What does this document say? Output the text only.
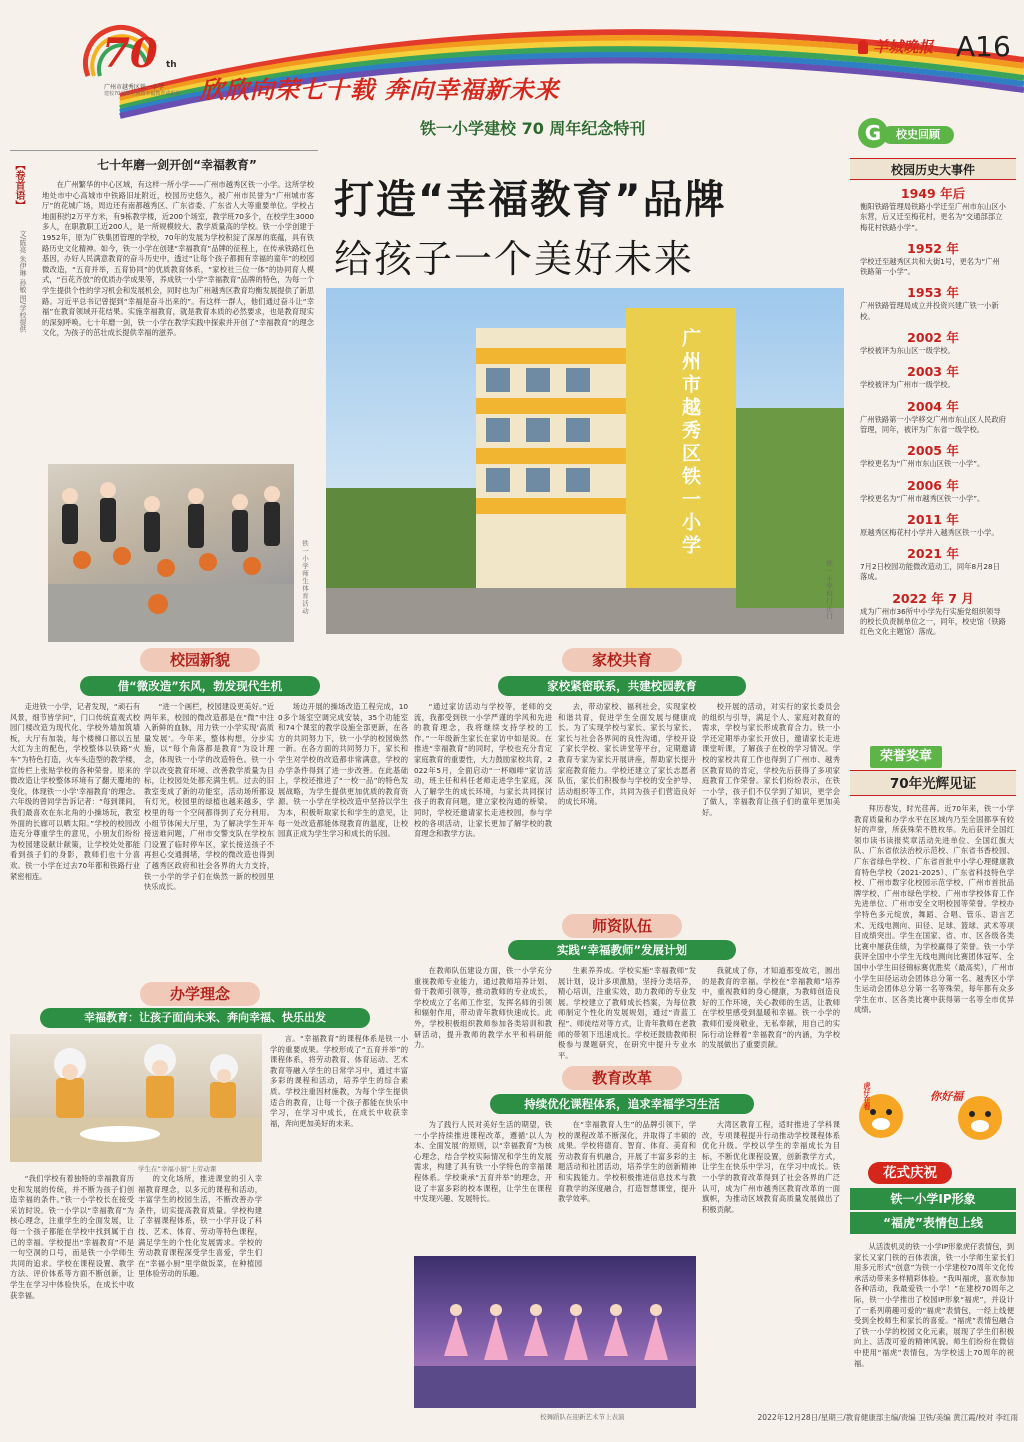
70 th
广州市越秀区铁一小学
建校70周年庆典暨幸福教育成果展 欣欣向荣七十载 奔向幸福新未来
铁一小学建校 70 周年纪念特刊
羊城晚报 A16
【卷首语】
文/陈亮 朱伊琳 孙敏 图/学校提供
七十年磨一剑开创“幸福教育”
在广州繁华的中心区域，有这样一所小学——广州市越秀区铁一小学。这所学校地处市中心高城市中铁路旧址附近，校园历史悠久，被广州市民誉为“广州城市客厅”的花城广场，周边还有南都越秀区、广东省委、广东省人大等重要单位。学校占地面积约2万平方米，有9栋教学楼，近200个场室，教学班70多个，在校学生3000多人，在职教职工近200人，是一所规模较大、教学质量高的学校。铁一小学创建于1952年，原为广铁集团管理的学校，70年的发展为学校积淀了深厚的底蕴，具有铁路历史文化精神。如今，铁一小学在创建“幸福教育”品牌的征程上，在传承铁路红色基因，办好人民满意教育的奋斗历史中，透过“让每个孩子都拥有幸福的童年”的校园微改造，“五育并举，五育协同”的优质教育体系，“家校社三位一体”的协同育人模式，“百花齐放”的优质办学成果等，养成铁一小学“幸福教育”品牌的特色，为每一个学生提供个性的学习机会和发展机会，同时也为广州越秀区教育均衡发展提供了新思路。习近平总书记曾提到“幸福是奋斗出来的”。有这样一群人，他们通过奋斗让“幸福”在教育领域开花结果。实施幸福教育，就是教育本质的必然要求，也是教育现实的深刻呼唤。七十年磨一剑，铁一小学在教学实践中探索并开创了“幸福教育”的理念文化，为孩子的茁壮成长提供幸福的滋养。
铁一小学师生体育活动
打造“幸福教育”品牌
给孩子一个美好未来
广州市越秀区铁一小学
铁一小学校门正门
G	校史回顾
校园历史大事件
1949 年后
衡阳铁路管理局铁路小学迁至广州市东山区小东营，后又迁至梅花村，更名为“交通部部立梅花村铁路小学”。
1952 年
学校迁至越秀区共和大街1号，更名为“广州铁路第一小学”。
1953 年
广州铁路管理局成立并投资兴建广铁一小新校。
2002 年
学校被评为东山区一级学校。
2003 年
学校被评为广州市一级学校。
2004 年
广州铁路第一小学移交广州市东山区人民政府管理，同年，被评为广东省一级学校。
2005 年
学校更名为“广州市东山区铁一小学”。
2006 年
学校更名为“广州市越秀区铁一小学”。
2011 年
原越秀区梅花村小学并入越秀区铁一小学。
2021 年
7月2日校园功能微改造动工，同年8月28日落成。
2022 年 7 月
成为广州市36所中小学先行实施党组织领导的校长负责制单位之一，同年，校史馆（铁路红色文化主题馆）落成。
荣誉奖章
70年光辉见证
拜历春发，时光荏苒。近70年来，铁一小学教育质量和办学水平在区域内乃至全国都享有较好的声誉，所获殊荣不胜枚举。先后获评全国红领巾读书读报奖章活动先进单位、全国红旗大队、广东省依法治校示范校、广东省书香校园、广东省绿色学校、广东省首批中小学心理健康教育特色学校（2021-2025）、广东省科技特色学校、广州市数字化校园示范学校、广州市首批品牌学校、广州市绿色学校、广州市学校体育工作先进单位、广州市安全文明校园等荣誉。学校办学特色多元绽放，舞蹈、合唱、管乐、语言艺术、无线电测向、田径、足球、篮球、武术等项目成绩突出。学生在国家、省、市、区各级各类比赛中屡获佳绩，为学校赢得了荣誉。铁一小学获评全国中小学生无线电测向比赛团体冠军、全国中小学生田径锦标赛优胜奖（最高奖），广州市小学生田径运动会团体总分第一名、越秀区小学生运动会团体总分第一名等殊荣，每年都有众多学生在市、区各类比赛中获得第一名等全市优异成绩。
虎仔在看	你好福
花式庆祝
铁一小学IP形象
“福虎”表情包上线
从活泼机灵的铁一小学IP形象虎仔表情包，到家长又家门铁的百体表演，铁一小学师生家长们用多元形式“创意”为铁一小学建校70周年文化传承活动带来多样精彩体验。“我叫福虎，喜欢参加各种活动，我最爱铁一小学！”在建校70周年之际，铁一小学推出了校园IP形象“福虎”，并设计了一系列萌趣可爱的“福虎”表情包，一经上线便受到全校师生和家长的喜爱。“福虎”表情包融合了铁一小学的校园文化元素，展现了学生们积极向上、活泼可爱的精神风貌。师生们纷纷在微信中使用“福虎”表情包，为学校送上70周年的祝福。
校园新貌
借“微改造”东风，勃发现代生机
走进铁一小学，记者发现，“顽石有风景，细节皆学问”，门口传统直观式校园门楼改造为现代化、学校外墙加筑墙板，大厅有加装，每个楼梯口都以五星大红为主的配色，学校整体以铁路“火车”为特色打造，火车头造型的教学楼，宣传栏上张贴学校的各种荣誉。原来的微改造让学校整体环境有了翻天覆地的变化，体现铁一小学‘幸福教育’的理念。六年级的曾同学告诉记者：“每到课间，我们最喜欢在东北角的小操场玩，教室外面的长廊可以晒太阳。”学校的校园改造充分尊重学生的意见，小朋友们纷纷为校园建设献计献策，让学校处处都能看到孩子们的身影，教师们也十分喜欢。铁一小学在过去70年都和铁路行业紧密相连。
“进一个画栏，校园建设更美好。”近两年来，校园的微改造都是在“微”中注入新鲜的血脉，用力铁一小学实现‘高质量发展’。今年来，整体构想，分步实施，以“每个角落都是教育”为设计理念，体现铁一小学的改造特色。铁一小学以改变教育环境、改善教学质量为目标，让校园处处都充满生机。过去的旧教室变成了新的功能室，活动场所都设有灯光，校园里的绿植也越来越多，学校里的每一个空间都得到了充分利用。小组节体闲大厅里，为了解决学生开车接送难问题，广州市交警支队在学校东门设置了临时停车区，家长接送孩子不再担心交通拥堵，学校的微改造也得到了越秀区政府和社会各界的大力支持，铁一小学的学子们在焕然一新的校园里快乐成长。
场边开展的操场改造工程完成，100多个场室空调完成安装，35个功能室和74个课室的教学设施全部更新，在各方的共同努力下，铁一小学的校园焕然一新。在各方面的共同努力下，家长和学生对学校的改造都非常满意，学校的办学条件得到了进一步改善。在此基础上，学校还推进了“一校一品”的特色发展战略，为学生提供更加优质的教育资源。铁一小学在学校改造中坚持以学生为本，积极听取家长和学生的意见，让每一处改造都能体现教育的温度，让校园真正成为学生学习和成长的乐园。
家校共育
家校紧密联系，共建校园教育
“通过家访活动与学校等，老师的交流，我都受到铁一小学严谨的学风和先进的教育理念，我将继续支持学校的工作。”一年级新生家长在家访中如是说。在推进“幸福教育”的同时，学校也充分肯定家庭教育的重要性，大力鼓励家校共育，2022年5月，全面启动“一杯咖啡”家访活动，班主任和科任老师走进学生家庭，深入了解学生的成长环境，与家长共同探讨孩子的教育问题，建立家校沟通的桥梁。同时，学校还邀请家长走进校园，参与学校的各项活动，让家长更加了解学校的教育理念和教学方法。
去，带动家校、福利社会，实现家校和谐共育，促进学生全面发展与健康成长。为了实现学校与家长、家长与家长、家长与社会各界间的良性沟通，学校开设了家长学校、家长讲堂等平台，定期邀请教育专家为家长开展讲座，帮助家长提升家庭教育能力。学校还建立了家长志愿者队伍，家长们积极参与学校的安全护导、活动组织等工作，共同为孩子们营造良好的成长环境。
校开展的活动，对实行的家长委员会的组织与引导，满足个人、家庭对教育的需求，学校与家长形成教育合力。铁一小学还定期举办家长开放日，邀请家长走进课堂听课，了解孩子在校的学习情况。学校的家校共育工作也得到了广州市、越秀区教育局的肯定，学校先后获得了多项家庭教育工作荣誉。家长们纷纷表示，在铁一小学，孩子们不仅学到了知识，更学会了做人，幸福教育让孩子们的童年更加美好。
师资队伍
实践“幸福教师”发展计划
在教师队伍建设方面，铁一小学充分重视教师专业能力，通过教师培养计划、骨干教师引领等，推动教师的专业成长，学校成立了名师工作室，发挥名师的引领和辐射作用，带动青年教师快速成长。此外，学校积极组织教师参加各类培训和教研活动，提升教师的教学水平和科研能力。
生素养养成。学校实施“幸福教师”发展计划，设计多项激励，坚持分类培养，精心培训，注重实效，助力教师的专业发展。学校建立了教师成长档案，为每位教师制定个性化的发展规划，通过“青蓝工程”、师徒结对等方式，让青年教师在老教师的带领下迅速成长。学校还鼓励教师积极参与课题研究，在研究中提升专业水平。
我就成了你，才知道那变故宅，圆出的是教育的幸福。学校在“幸福教师”培养中，重视教师的身心健康，为教师创造良好的工作环境，关心教师的生活，让教师在学校里感受到温暖和幸福。铁一小学的教师们爱岗敬业，无私奉献，用自己的实际行动诠释着“幸福教育”的内涵，为学校的发展做出了重要贡献。
办学理念
幸福教育：让孩子面向未来、奔向幸福、快乐出发
学生在“幸福小厨”上劳动课
“我们学校有着独特的幸福教育历史和发展的传统，并不断为孩子们创造幸福的条件。”铁一小学校长在接受采访时说。铁一小学以“幸福教育”为核心理念，注重学生的全面发展，让每一个孩子都能在学校中找到属于自己的幸福。学校提出“幸福教育”不是一句空洞的口号，而是铁一小学师生共同的追求。学校在课程设置、教学方法、评价体系等方面不断创新，让学生在学习中体验快乐，在成长中收获幸福。
的文化场所，推进课堂的引入幸福教育理念，以多元的课程和活动，丰富学生的校园生活，不断改善办学条件，切实提高教育质量。学校构建了幸福课程体系，铁一小学开设了科技、艺术、体育、劳动等特色课程，满足学生的个性化发展需求。学校的劳动教育课程深受学生喜爱，学生们在“幸福小厨”里学做饭菜，在种植园里体验劳动的乐趣。
言。“幸福教育”的课程体系是铁一小学的重要成果。学校形成了“五育并举”的课程体系，将劳动教育、体育运动、艺术教育等融入学生的日常学习中，通过丰富多彩的课程和活动，培养学生的综合素质。学校注重因材施教，为每个学生提供适合的教育，让每一个孩子都能在快乐中学习，在学习中成长，在成长中收获幸福，奔向更加美好的未来。
教育改革
持续优化课程体系，追求幸福学习生活
为了践行人民对美好生活的期望，铁一小学持续推进课程改革，遵循‘以人为本、全面发展’的原则，以“幸福教育”为核心理念，结合学校实际情况和学生的发展需求，构建了具有铁一小学特色的幸福课程体系。学校秉承“五育并举”的理念，开设了丰富多彩的校本课程，让学生在课程中发现兴趣、发展特长。
在“幸福教育人生”的品牌引领下，学校的课程改革不断深化，并取得了丰硕的成果。学校将德育、智育、体育、美育和劳动教育有机融合，开展了丰富多彩的主题活动和社团活动，培养学生的创新精神和实践能力。学校积极推进信息技术与教育教学的深度融合，打造智慧课堂，提升教学效率。
大湾区教育工程，适时推进了学科课改，专项课程提升行动推动学校课程体系优化升级。学校以学生的幸福成长为目标，不断优化课程设置，创新教学方式，让学生在快乐中学习，在学习中成长。铁一小学的教育改革得到了社会各界的广泛认可，成为广州市越秀区教育改革的一面旗帜，为推动区域教育高质量发展做出了积极贡献。
校舞蹈队在迎新艺术节上表演	2022年12月28日/星期三/教育健康部主编/责编 卫铁/美编 黄江霞/校对 李红雨
